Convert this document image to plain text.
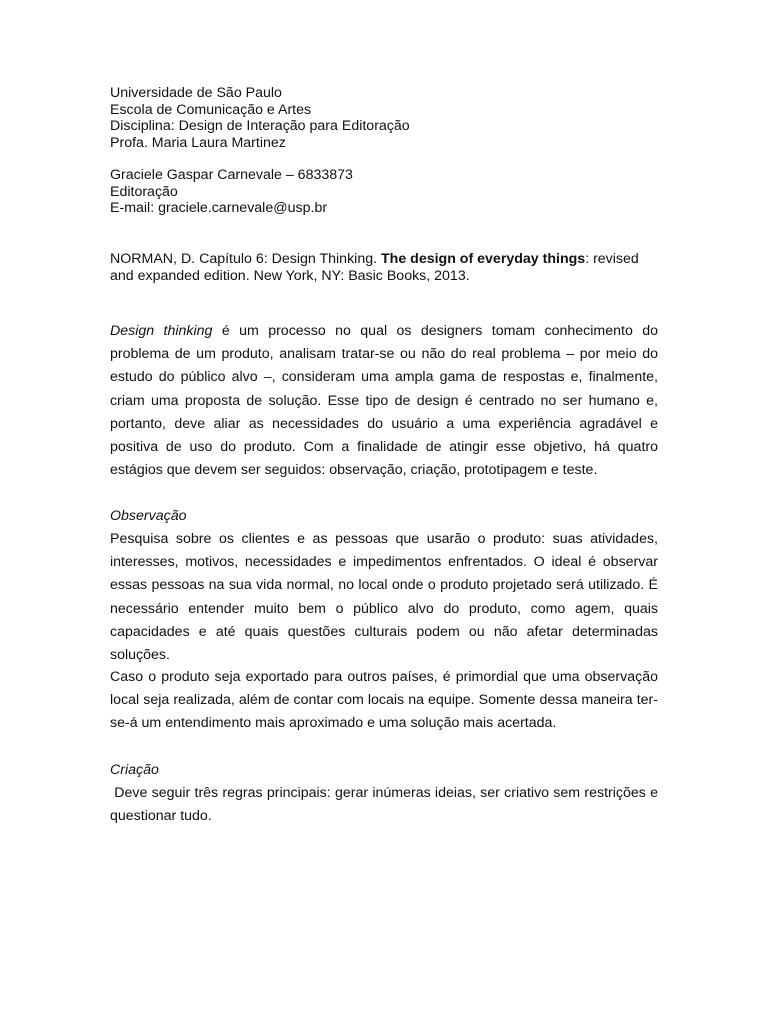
Universidade de São Paulo
Escola de Comunicação e Artes
Disciplina: Design de Interação para Editoração
Profa. Maria Laura Martinez
Graciele Gaspar Carnevale – 6833873
Editoração
E-mail: graciele.carnevale@usp.br
NORMAN, D. Capítulo 6: Design Thinking. The design of everyday things: revised and expanded edition. New York, NY: Basic Books, 2013.

Design thinking é um processo no qual os designers tomam conhecimento do problema de um produto, analisam tratar-se ou não do real problema – por meio do estudo do público alvo –, consideram uma ampla gama de respostas e, finalmente, criam uma proposta de solução. Esse tipo de design é centrado no ser humano e, portanto, deve aliar as necessidades do usuário a uma experiência agradável e positiva de uso do produto. Com a finalidade de atingir esse objetivo, há quatro estágios que devem ser seguidos: observação, criação, prototipagem e teste.

Observação

Pesquisa sobre os clientes e as pessoas que usarão o produto: suas atividades, interesses, motivos, necessidades e impedimentos enfrentados. O ideal é observar essas pessoas na sua vida normal, no local onde o produto projetado será utilizado. É necessário entender muito bem o público alvo do produto, como agem, quais capacidades e até quais questões culturais podem ou não afetar determinadas soluções.

Caso o produto seja exportado para outros países, é primordial que uma observação local seja realizada, além de contar com locais na equipe. Somente dessa maneira ter-se-á um entendimento mais aproximado e uma solução mais acertada.

Criação

Deve seguir três regras principais: gerar inúmeras ideias, ser criativo sem restrições e questionar tudo.
